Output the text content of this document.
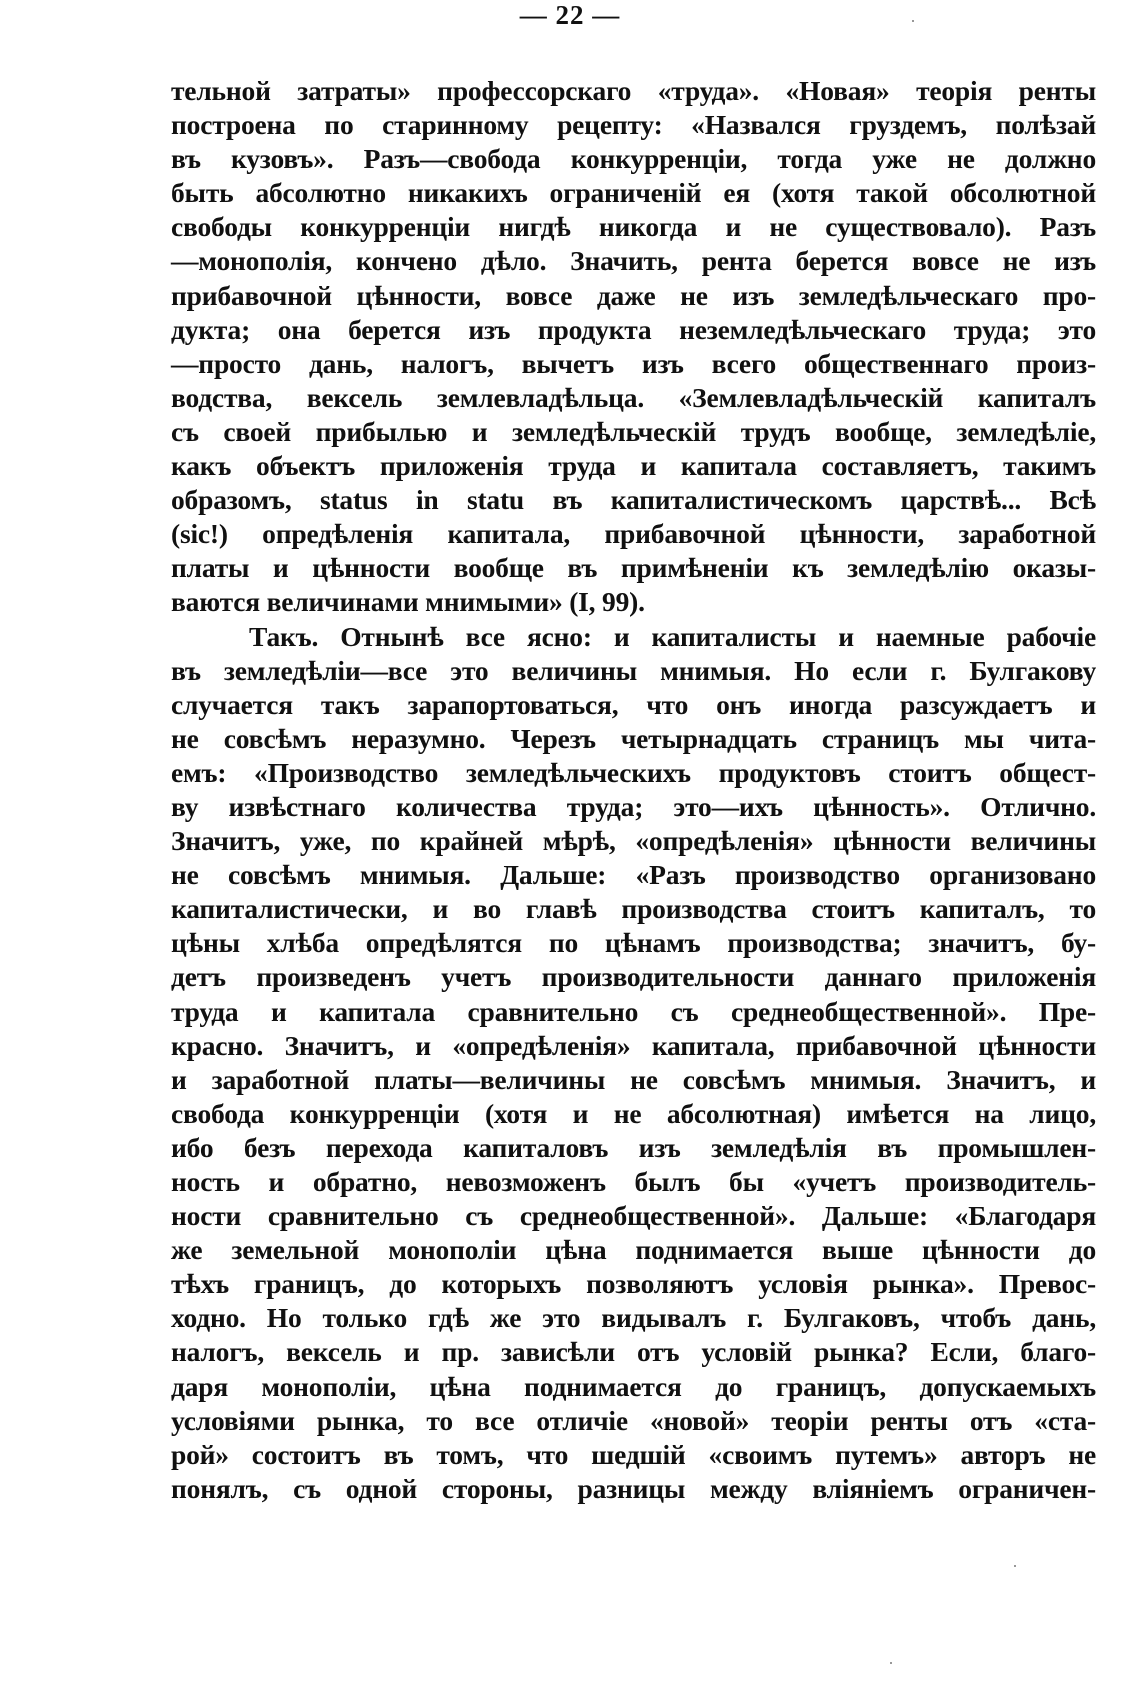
— 22 —
тельной затраты» профессорскаго «труда». «Новая» теорія ренты
построена по старинному рецепту: «Назвался груздемъ, полѣзай
въ кузовъ». Разъ—свобода конкурренціи, тогда уже не должно
быть абсолютно никакихъ ограниченій ея (хотя такой обсолютной
свободы конкурренціи нигдѣ никогда и не существовало). Разъ
—монополія, кончено дѣло. Значить, рента берется вовсе не изъ
прибавочной цѣнности, вовсе даже не изъ земледѣльческаго про-
дукта; она берется изъ продукта неземледѣльческаго труда; это
—просто дань, налогъ, вычетъ изъ всего общественнаго произ-
водства, вексель землевладѣльца. «Землевладѣльческій капиталъ
съ своей прибылью и земледѣльческій трудъ вообще, земледѣліе,
какъ объектъ приложенія труда и капитала составляетъ, такимъ
образомъ, status in statu въ капиталистическомъ царствѣ... Всѣ
(sic!) опредѣленія капитала, прибавочной цѣнности, заработной
платы и цѣнности вообще въ примѣненіи къ земледѣлію оказы-
ваются величинами мнимыми» (I, 99).
Такъ. Отнынѣ все ясно: и капиталисты и наемные рабочіе
въ земледѣліи—все это величины мнимыя. Но если г. Булгакову
случается такъ зарапортоваться, что онъ иногда разсуждаетъ и
не совсѣмъ неразумно. Черезъ четырнадцать страницъ мы чита-
емъ: «Производство земледѣльческихъ продуктовъ стоитъ общест-
ву извѣстнаго количества труда; это—ихъ цѣнность». Отлично.
Значитъ, уже, по крайней мѣрѣ, «опредѣленія» цѣнности величины
не совсѣмъ мнимыя. Дальше: «Разъ производство организовано
капиталистически, и во главѣ производства стоитъ капиталъ, то
цѣны хлѣба опредѣлятся по цѣнамъ производства; значитъ, бу-
детъ произведенъ учетъ производительности даннаго приложенія
труда и капитала сравнительно съ среднеобщественной». Пре-
красно. Значитъ, и «опредѣленія» капитала, прибавочной цѣнности
и заработной платы—величины не совсѣмъ мнимыя. Значитъ, и
свобода конкурренціи (хотя и не абсолютная) имѣется на лицо,
ибо безъ перехода капиталовъ изъ земледѣлія въ промышлен-
ность и обратно, невозможенъ былъ бы «учетъ производитель-
ности сравнительно съ среднеобщественной». Дальше: «Благодаря
же земельной монополіи цѣна поднимается выше цѣнности до
тѣхъ границъ, до которыхъ позволяютъ условія рынка». Превос-
ходно. Но только гдѣ же это видывалъ г. Булгаковъ, чтобъ дань,
налогъ, вексель и пр. зависѣли отъ условій рынка? Если, благо-
даря монополіи, цѣна поднимается до границъ, допускаемыхъ
условіями рынка, то все отличіе «новой» теоріи ренты отъ «ста-
рой» состоитъ въ томъ, что шедшій «своимъ путемъ» авторъ не
понялъ, съ одной стороны, разницы между вліяніемъ ограничен-
